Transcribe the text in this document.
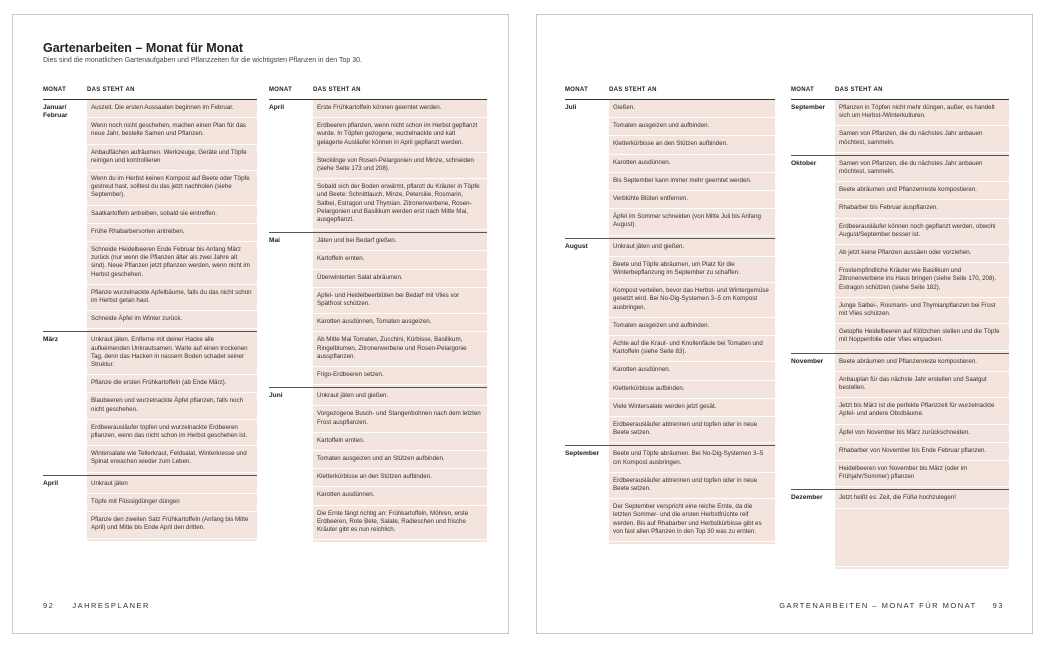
Gartenarbeiten – Monat für Monat
Dies sind die monatlichen Gartenaufgaben und Pflanzzeiten für die wichtigsten Pflanzen in den Top 30.
MONAT	DAS STEHT AN
Januar/
Februar
Auszeit. Die ersten Aussaaten beginnen im Februar.
Wenn noch nicht geschehen, machen einen Plan für das neue Jahr, bestelle Samen und Pflanzen.
Anbauflächen aufräumen. Werkzeuge, Geräte und Töpfe reinigen und kontrollieren
Wenn du im Herbst keinen Kompost auf Beete oder Töpfe gestreut hast, solltest du das jetzt nachholen (siehe September).
Saatkartoffeln antreiben, sobald sie eintreffen.
Frühe Rhabarbersorten antreiben.
Schneide Heidelbeeren Ende Februar bis Anfang März zurück (nur wenn die Pflanzen älter als zwei Jahre alt sind). Neue Pflanzen jetzt pflanzen werden, wenn nicht im Herbst geschehen.
Pflanze wurzelnackte Apfelbäume, falls du das nicht schon im Herbst getan hast.
Schneide Äpfel im Winter zurück.
März	Unkraut jäten. Entferne mit deiner Hacke alle aufkeimenden Unkrautsamen. Warte auf einen trockenen Tag, denn das Hacken in nassem Boden schadet seiner Struktur.
Pflanze die ersten Frühkartoffeln (ab Ende März).
Blaubeeren und wurzelnackte Äpfel pflanzen, falls noch nicht geschehen.
Erdbeerausläufer topfen und wurzelnackte Erdbeeren pflanzen, wenn das nicht schon im Herbst geschehen ist.
Wintersalate wie Tellerkraut, Feldsalat, Winterkresse und Spinat erwachen wieder zum Leben.
April	Unkraut jäten
Töpfe mit Flüssigdünger düngen
Pflanze den zweiten Satz Frühkartoffeln (Anfang bis Mitte April) und Mitte bis Ende April den dritten.
MONAT	DAS STEHT AN
April	Erste Frühkartoffeln können geerntet werden.
Erdbeeren pflanzen, wenn nicht schon im Herbst gepflanzt wurde. In Töpfen gezogene, wurzelnackte und kalt gelagerte Ausläufer können in April gepflanzt werden.
Stecklinge von Rosen-Pelargonien und Minze, schneiden (siehe Seite 173 und 208).
Sobald sich der Boden erwärmt, pflanzt du Kräuter in Töpfe und Beete: Schnittlauch, Minze, Petersilie, Rosmarin, Salbei, Estragon und Thymian. Zitronenverbene, Rosen-Pelargonien und Basilikum werden erst nach Mitte Mai, ausgepflanzt.
Mai	Jäten und bei Bedarf gießen.
Kartoffeln ernten.
Überwinterten Salat abräumen.
Apfel- und Heidelbeerblüten bei Bedarf mit Vlies vor Spätfrost schützen.
Karotten ausdünnen, Tomaten ausgeizen.
Ab Mitte Mai Tomaten, Zucchini, Kürbisse, Basilikum, Ringelblumen, Zitronenverbene und Rosen-Pelargonie ausspflanzen.
Frigo-Erdbeeren setzen.
Juni	Unkraut jäten und gießen.
Vorgezogene Busch- und Stangenbohnen nach dem letzten Frost auspflanzen.
Kartoffeln ernten.
Tomaten ausgeizen und an Stützen aufbinden.
Kletterkürbisse an den Stützen aufbinden.
Karotten ausdünnen.
Die Ernte fängt richtig an: Frühkartoffeln, Möhren, erste Erdbeeren, Rote Bete, Salate, Radieschen und frische Kräuter gibt es nun reichlich.
92 JAHRESPLANER
MONAT	DAS STEHT AN
Juli	Gießen.
Tomaten ausgeizen und aufbinden.
Kletterkürbisse an den Stützen aufbinden.
Karotten ausdünnen.
Bis September kann immer mehr geerntet werden.
Verblühte Blüten entfernen.
Äpfel im Sommer schneiden (von Mitte Juli bis Anfang August).
August	Unkraut jäten und gießen.
Beete und Töpfe abräumen, um Platz für die Winterbepflanzung im September zu schaffen.
Kompost verteilen, bevor das Herbst- und Wintergemüse gesetzt wird. Bei No-Dig-Systemen 3–5 cm Kompost ausbringen.
Tomaten ausgeizen und aufbinden.
Achte auf die Kraut- und Knollenfäule bei Tomaten und Kartoffeln (siehe Seite 83).
Karotten ausdünnen.
Kletterkürbisse aufbinden.
Viele Wintersalate werden jetzt gesät.
Erdbeerausläufer abtrennen und topfen oder in neue Beete setzen.
September	Beete und Töpfe abräumen. Bei No-Dig-Systemen 3–5 cm Kompost ausbringen.
Erdbeerausläufer abtrennen und topfen oder in neue Beete setzen.
Der September verspricht eine reiche Ernte, da die letzten Sommer- und die ersten Herbstfrüchte reif werden. Bis auf Rhabarber und Herbstkürbisse gibt es von fast allen Pflanzen in den Top 30 was zu ernten.
MONAT	DAS STEHT AN
September	Pflanzen in Töpfen nicht mehr düngen, außer, es handelt sich um Herbst-/Winterkulturen.
Samen von Pflanzen, die du nächstes Jahr anbauen möchtest, sammeln.
Oktober	Samen von Pflanzen, die du nächstes Jahr anbauen möchtest, sammeln.
Beete abräumen und Pflanzenreste kompostieren.
Rhabarber bis Februar auspflanzen.
Erdbeerausläufer können noch gepflanzt werden, obwohl August/September besser ist.
Ab jetzt keine Pflanzen aussäen oder vorziehen.
Frostempfindliche Kräuter wie Basilikum und Zitronenverbene ins Haus bringen (siehe Seite 170, 208). Estragon schützen (siehe Seite 182).
Junge Salbei-, Rosmarin- und Thymianpflanzen bei Frost mit Vlies schützen.
Getopfte Heidelbeeren auf Klötzchen stellen und die Töpfe mit Noppenfolie oder Vlies einpacken.
November	Beete abräumen und Pflanzenreste kompostieren.
Anbauplan für das nächste Jahr erstellen und Saatgut bestellen.
Jetzt bis März ist die perfekte Pflanzzeit für wurzelnackte Apfel- und andere Obstbäume.
Äpfel von November bis März zurückschneiden.
Rhabarber von November bis Ende Februar pflanzen.
Heidelbeeren von November bis März (oder im Frühjahr/Sommer) pflanzen
Dezember	Jetzt heißt es: Zeit, die Füße hochzulegen!
GARTENARBEITEN – MONAT FÜR MONAT 93
